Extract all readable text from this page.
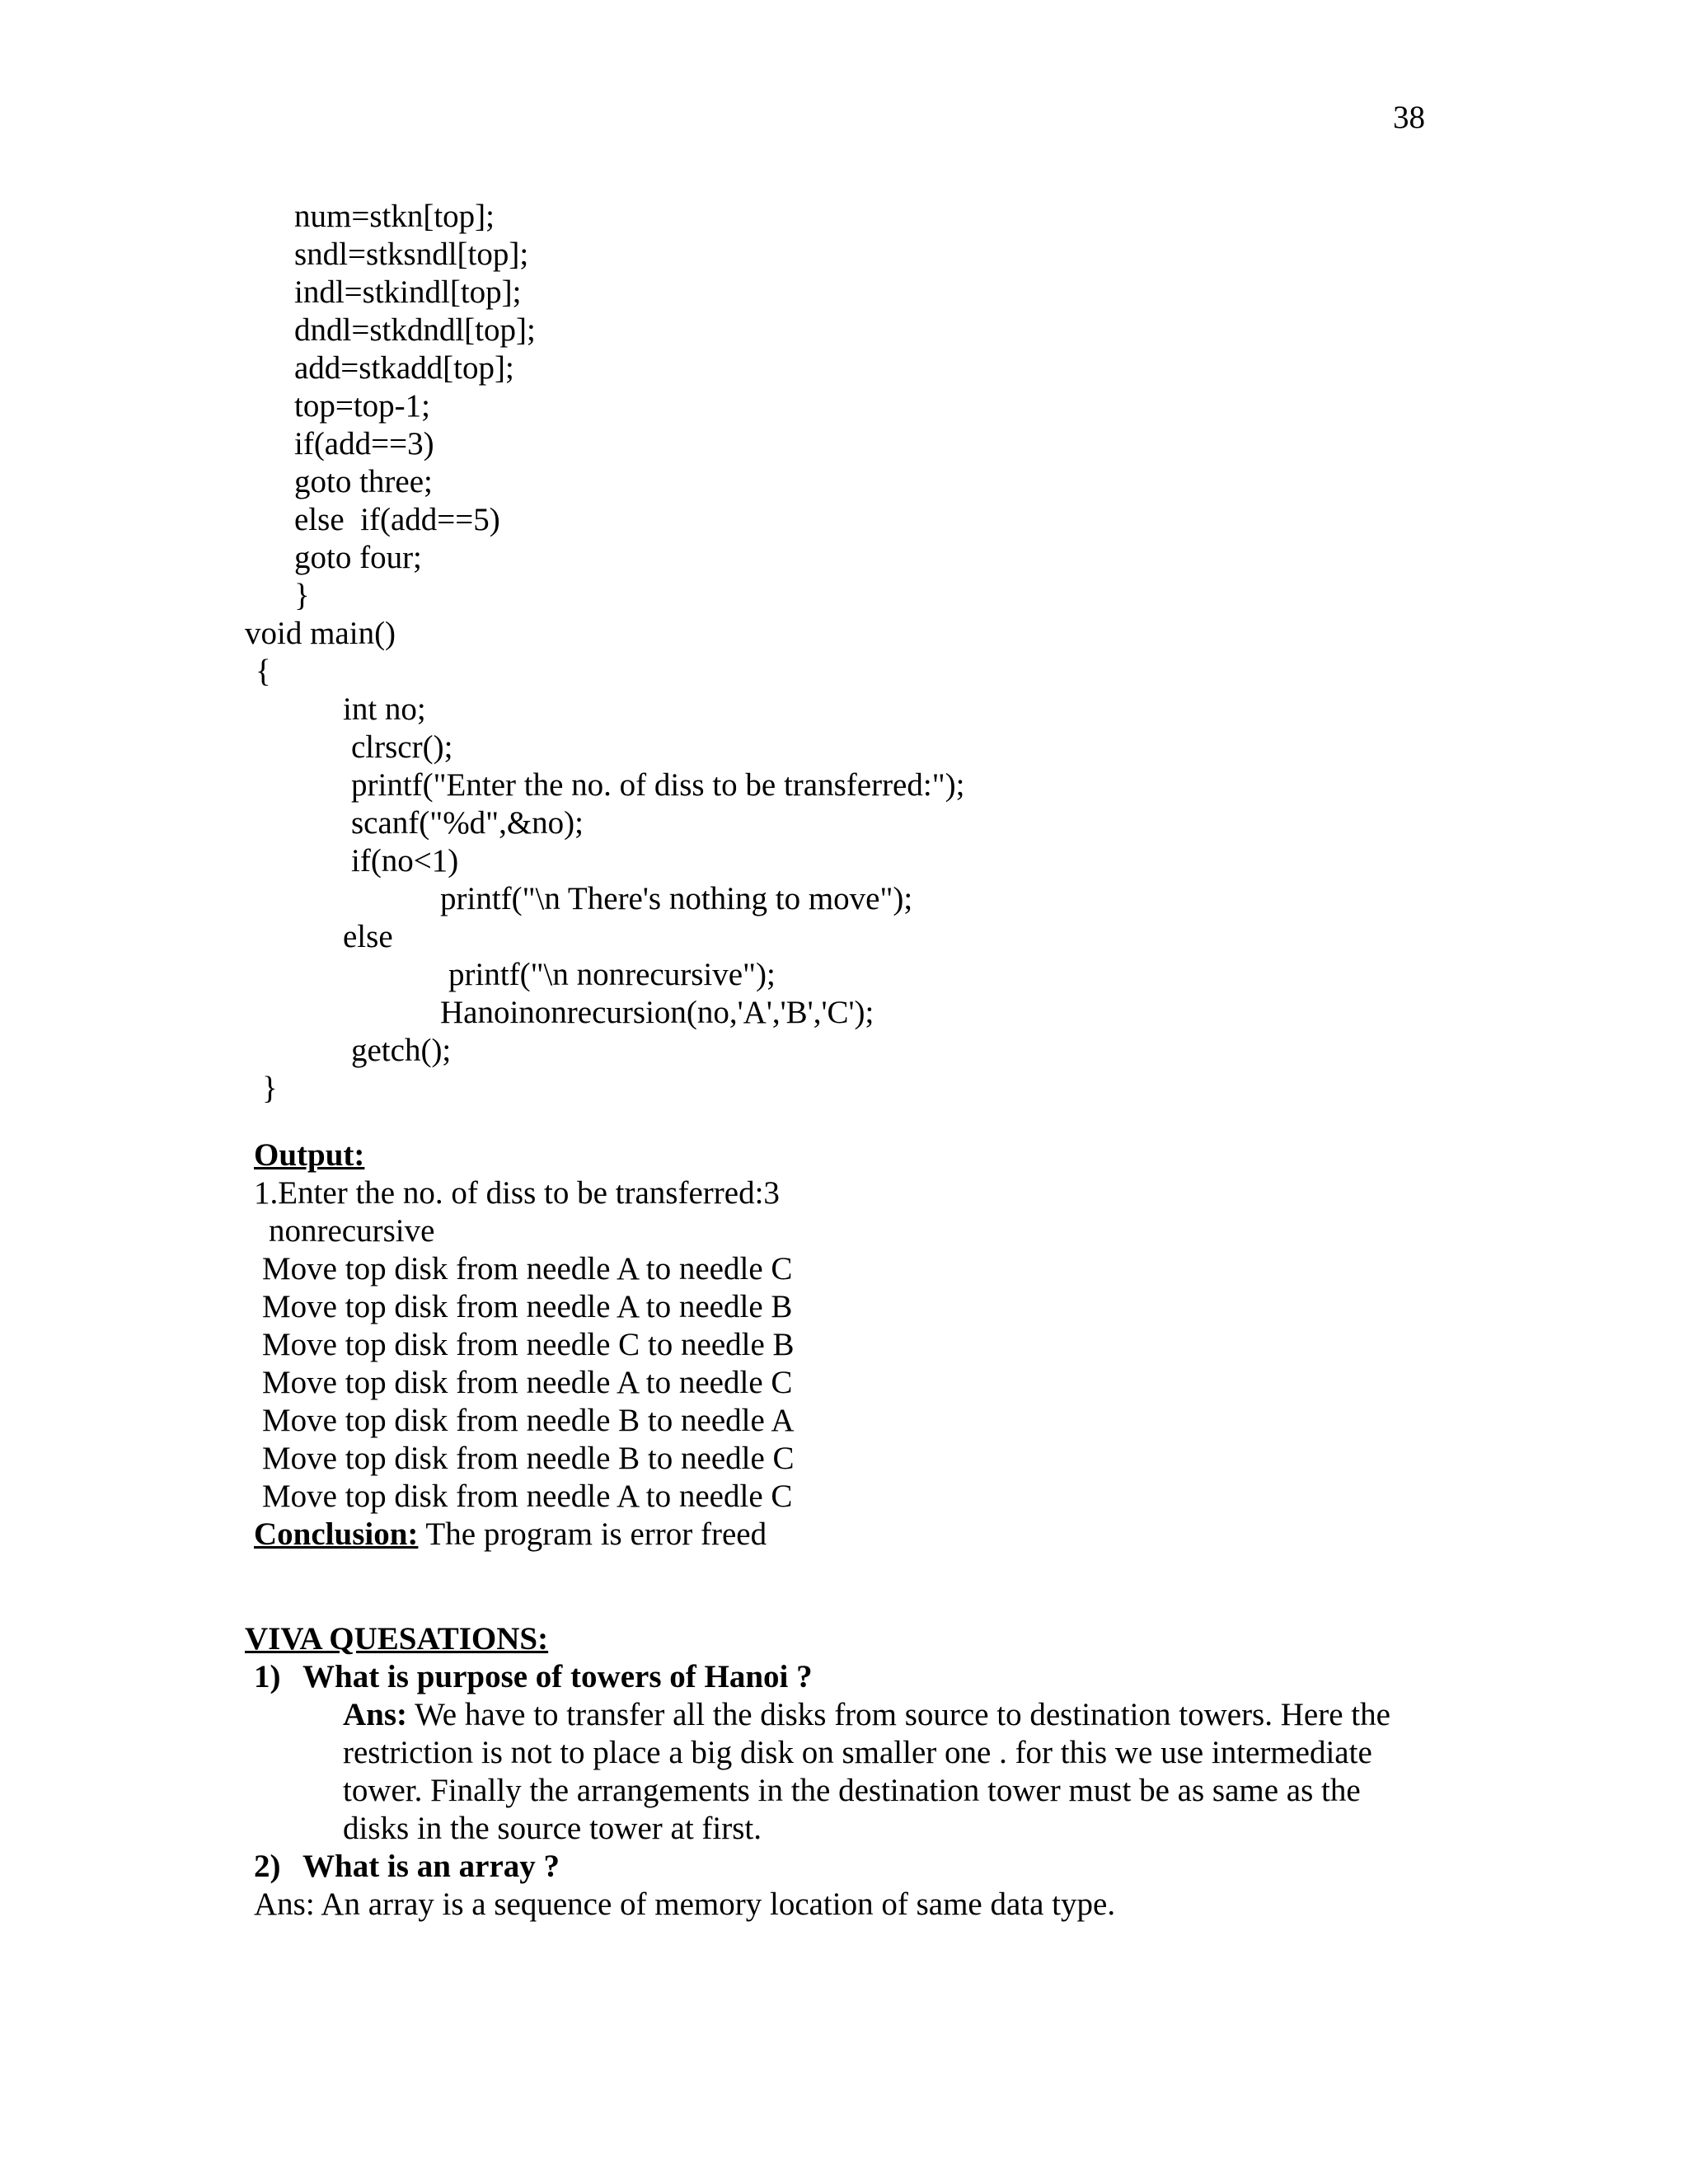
38
num=stkn[top];
sndl=stksndl[top];
indl=stkindl[top];
dndl=stkdndl[top];
add=stkadd[top];
top=top-1;
if(add==3)
goto three;
else  if(add==5)
goto four;
}
void main()
{
int no;
clrscr();
printf("Enter the no. of diss to be transferred:");
scanf("%d",&no);
if(no<1)
printf("\n There's nothing to move");
else
printf("\n nonrecursive");
Hanoinonrecursion(no,'A','B','C');
getch();
}
Output:
1.Enter the no. of diss to be transferred:3
nonrecursive
Move top disk from needle A to needle C
Move top disk from needle A to needle B
Move top disk from needle C to needle B
Move top disk from needle A to needle C
Move top disk from needle B to needle A
Move top disk from needle B to needle C
Move top disk from needle A to needle C
Conclusion: The program is error freed
VIVA QUESATIONS:
1) What is purpose of towers of Hanoi ?
Ans: We have to transfer all the disks from source to destination towers. Here the
restriction is not to place a big disk on smaller one . for this we use intermediate
tower. Finally the arrangements in the destination tower must be as same as the
disks in the source tower at first.
2) What is an array ?
Ans: An array is a sequence of memory location of same data type.
